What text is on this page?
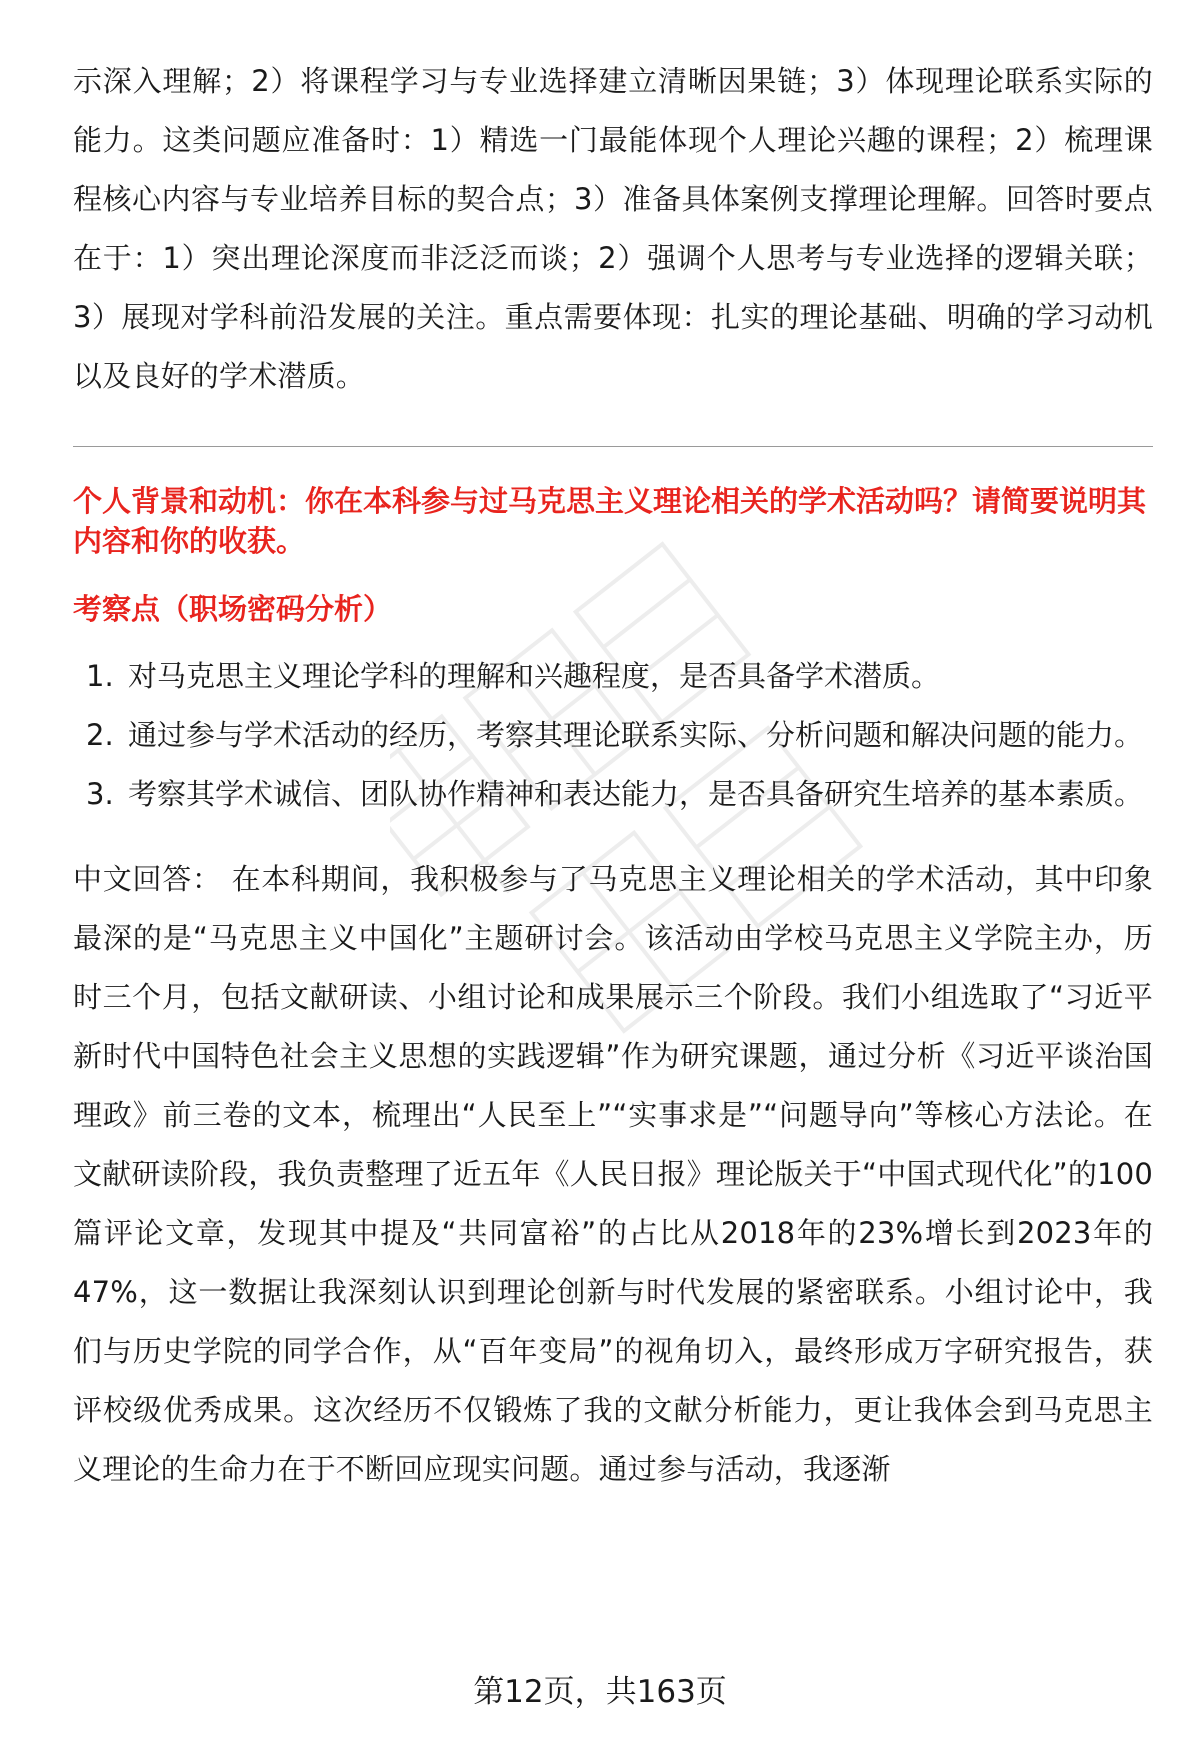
示深入理解；2）将课程学习与专业选择建立清晰因果链；3）体现理论联系实际的能力。这类问题应准备时：1）精选一门最能体现个人理论兴趣的课程；2）梳理课程核心内容与专业培养目标的契合点；3）准备具体案例支撑理论理解。回答时要点在于：1）突出理论深度而非泛泛而谈；2）强调个人思考与专业选择的逻辑关联；3）展现对学科前沿发展的关注。重点需要体现：扎实的理论基础、明确的学习动机以及良好的学术潜质。

个人背景和动机：你在本科参与过马克思主义理论相关的学术活动吗？请简要说明其内容和你的收获。

考察点（职场密码分析）

1. 对马克思主义理论学科的理解和兴趣程度，是否具备学术潜质。
2. 通过参与学术活动的经历，考察其理论联系实际、分析问题和解决问题的能力。
3. 考察其学术诚信、团队协作精神和表达能力，是否具备研究生培养的基本素质。

中文回答： 在本科期间，我积极参与了马克思主义理论相关的学术活动，其中印象最深的是“马克思主义中国化”主题研讨会。该活动由学校马克思主义学院主办，历时三个月，包括文献研读、小组讨论和成果展示三个阶段。我们小组选取了“习近平新时代中国特色社会主义思想的实践逻辑”作为研究课题，通过分析《习近平谈治国理政》前三卷的文本，梳理出“人民至上”“实事求是”“问题导向”等核心方法论。在文献研读阶段，我负责整理了近五年《人民日报》理论版关于“中国式现代化”的100篇评论文章，发现其中提及“共同富裕”的占比从2018年的23%增长到2023年的47%，这一数据让我深刻认识到理论创新与时代发展的紧密联系。小组讨论中，我们与历史学院的同学合作，从“百年变局”的视角切入，最终形成万字研究报告，获评校级优秀成果。这次经历不仅锻炼了我的文献分析能力，更让我体会到马克思主义理论的生命力在于不断回应现实问题。通过参与活动，我逐渐

第12页，共163页
